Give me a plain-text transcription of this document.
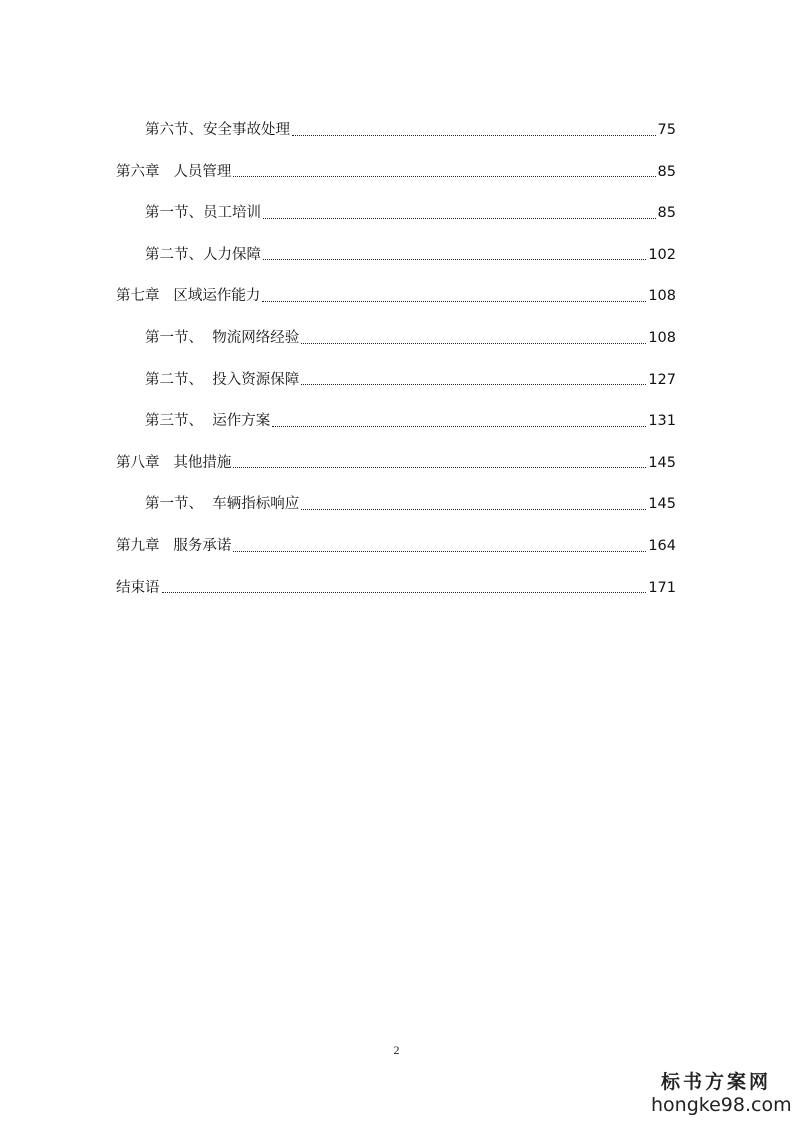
第六节、安全事故处理	75
第六章   人员管理	85
第一节、员工培训	85
第二节、人力保障	102
第七章   区域运作能力	108
第一节、  物流网络经验	108
第二节、  投入资源保障	127
第三节、  运作方案	131
第八章   其他措施	145
第一节、  车辆指标响应	145
第九章   服务承诺	164
结束语	171
2
标书方案网
hongke98.com
